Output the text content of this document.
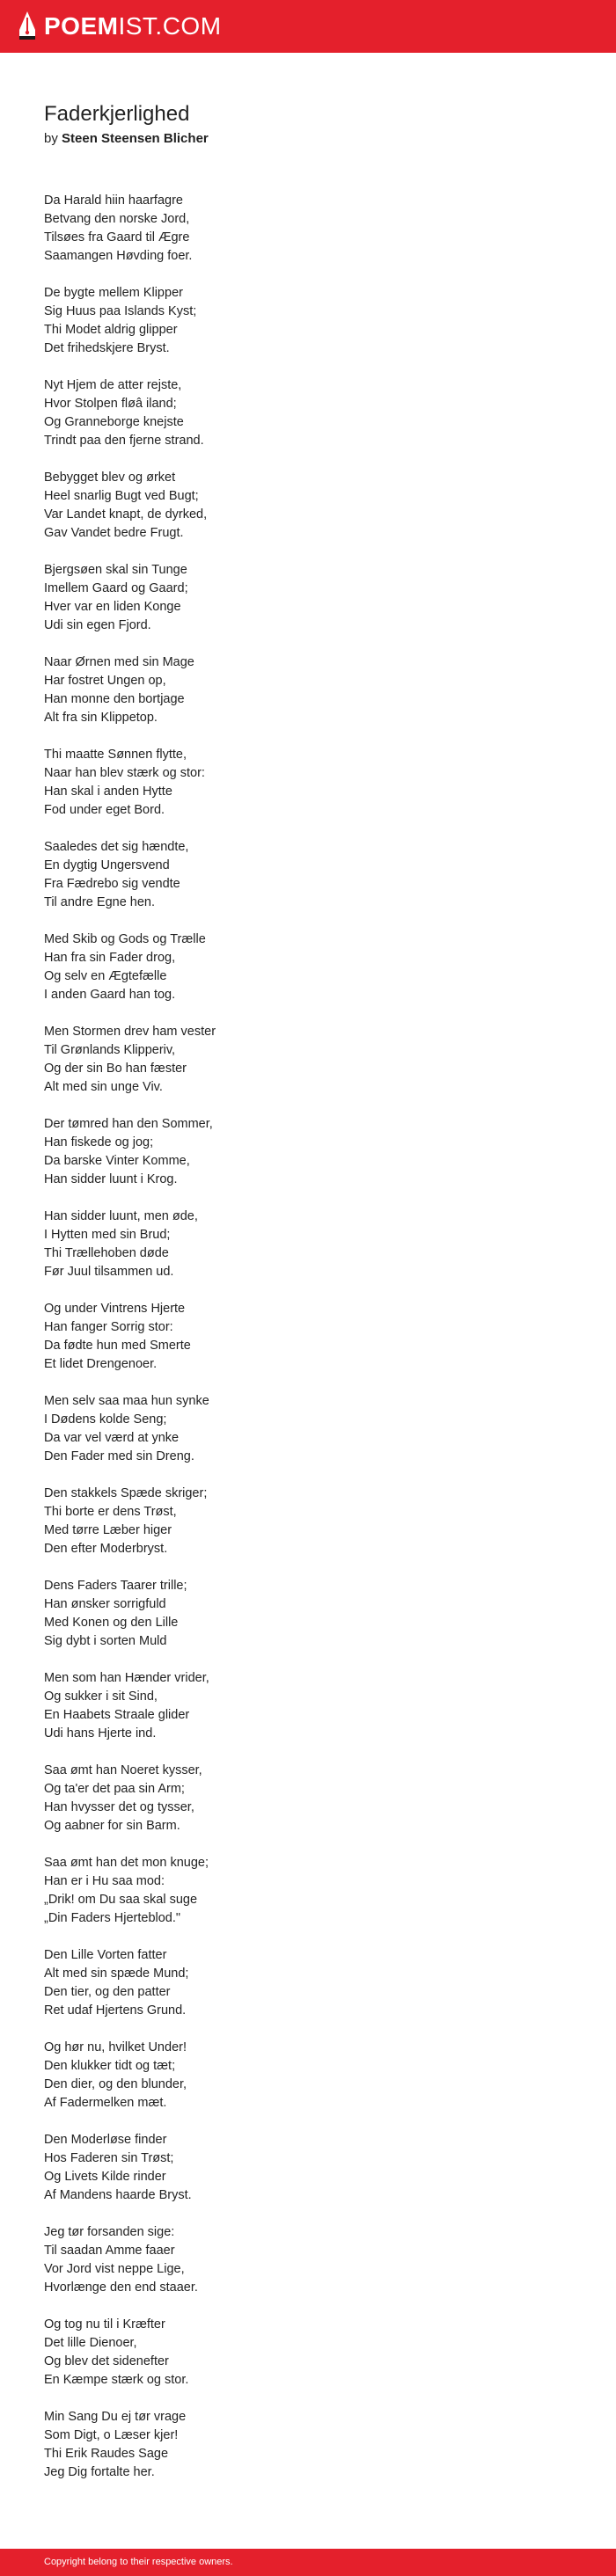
POEMIST.COM
Faderkjerlighed
by Steen Steensen Blicher
Da Harald hiin haarfagre
Betvang den norske Jord,
Tilsøes fra Gaard til Ægre
Saamangen Høvding foer.
De bygte mellem Klipper
Sig Huus paa Islands Kyst;
Thi Modet aldrig glipper
Det frihedskjere Bryst.
Nyt Hjem de atter rejste,
Hvor Stolpen fløâ iland;
Og Granneborge knejste
Trindt paa den fjerne strand.
Bebygget blev og ørket
Heel snarlig Bugt ved Bugt;
Var Landet knapt, de dyrked,
Gav Vandet bedre Frugt.
Bjergsøen skal sin Tunge
Imellem Gaard og Gaard;
Hver var en liden Konge
Udi sin egen Fjord.
Naar Ørnen med sin Mage
Har fostret Ungen op,
Han monne den bortjage
Alt fra sin Klippetop.
Thi maatte Sønnen flytte,
Naar han blev stærk og stor:
Han skal i anden Hytte
Fod under eget Bord.
Saaledes det sig hændte,
En dygtig Ungersvend
Fra Fædrebo sig vendte
Til andre Egne hen.
Med Skib og Gods og Trælle
Han fra sin Fader drog,
Og selv en Ægtefælle
I anden Gaard han tog.
Men Stormen drev ham vester
Til Grønlands Klipperiv,
Og der sin Bo han fæster
Alt med sin unge Viv.
Der tømred han den Sommer,
Han fiskede og jog;
Da barske Vinter Komme,
Han sidder luunt i Krog.
Han sidder luunt, men øde,
I Hytten med sin Brud;
Thi Trællehoben døde
Før Juul tilsammen ud.
Og under Vintrens Hjerte
Han fanger Sorrig stor:
Da fødte hun med Smerte
Et lidet Drengenoer.
Men selv saa maa hun synke
I Dødens kolde Seng;
Da var vel værd at ynke
Den Fader med sin Dreng.
Den stakkels Spæde skriger;
Thi borte er dens Trøst,
Med tørre Læber higer
Den efter Moderbryst.
Dens Faders Taarer trille;
Han ønsker sorrigfuld
Med Konen og den Lille
Sig dybt i sorten Muld
Men som han Hænder vrider,
Og sukker i sit Sind,
En Haabets Straale glider
Udi hans Hjerte ind.
Saa ømt han Noeret kysser,
Og ta'er det paa sin Arm;
Han hvysser det og tysser,
Og aabner for sin Barm.
Saa ømt han det mon knuge;
Han er i Hu saa mod:
„Drik! om Du saa skal suge
„Din Faders Hjerteblod."
Den Lille Vorten fatter
Alt med sin spæde Mund;
Den tier, og den patter
Ret udaf Hjertens Grund.
Og hør nu, hvilket Under!
Den klukker tidt og tæt;
Den dier, og den blunder,
Af Fadermelken mæt.
Den Moderløse finder
Hos Faderen sin Trøst;
Og Livets Kilde rinder
Af Mandens haarde Bryst.
Jeg tør forsanden sige:
Til saadan Amme faaer
Vor Jord vist neppe Lige,
Hvorlænge den end staaer.
Og tog nu til i Kræfter
Det lille Dienoer,
Og blev det sidenefter
En Kæmpe stærk og stor.
Min Sang Du ej tør vrage
Som Digt, o Læser kjer!
Thi Erik Raudes Sage
Jeg Dig fortalte her.
Copyright belong to their respective owners.
